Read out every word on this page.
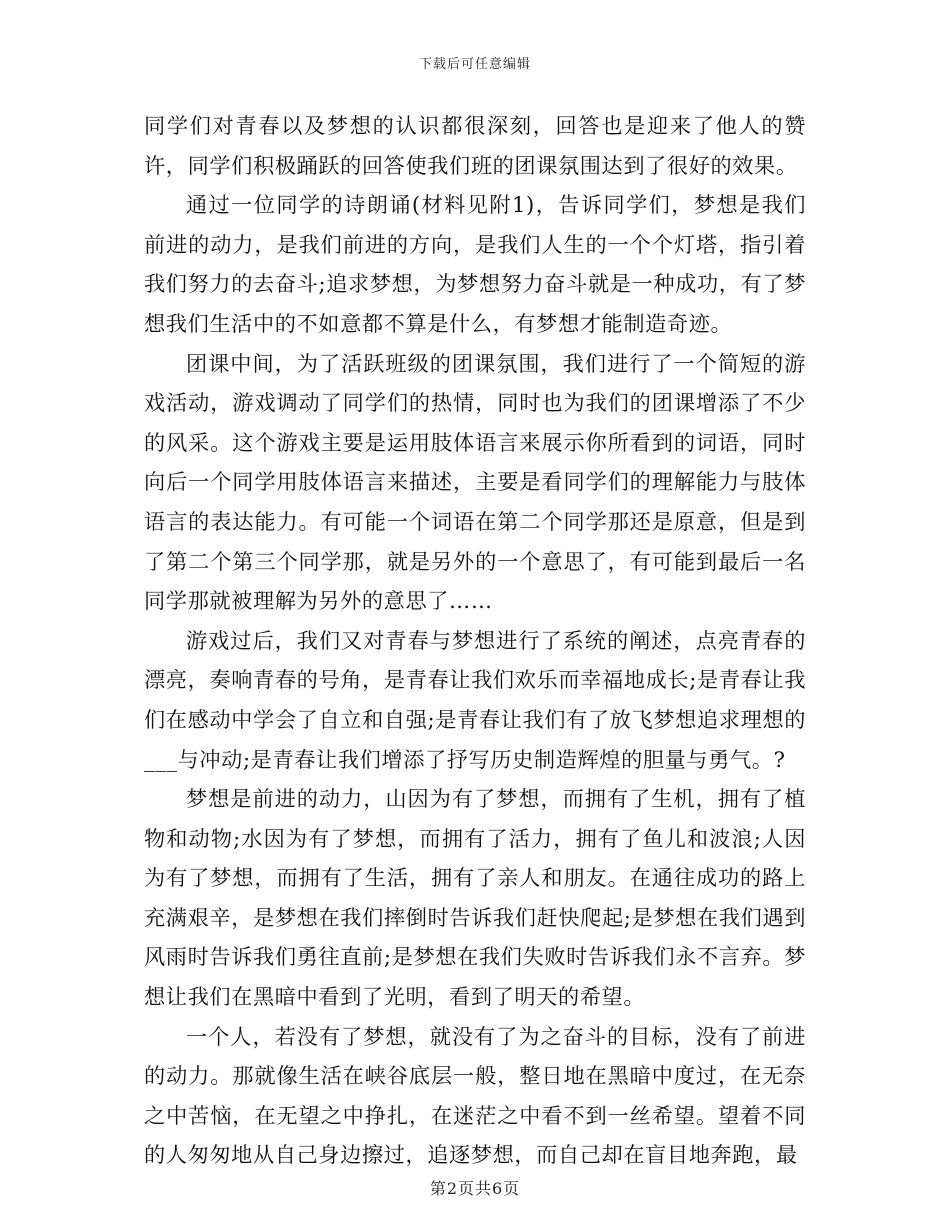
下载后可任意编辑

同学们对青春以及梦想的认识都很深刻，回答也是迎来了他人的赞许，同学们积极踊跃的回答使我们班的团课氛围达到了很好的效果。

通过一位同学的诗朗诵(材料见附1)，告诉同学们，梦想是我们前进的动力，是我们前进的方向，是我们人生的一个个灯塔，指引着我们努力的去奋斗;追求梦想，为梦想努力奋斗就是一种成功，有了梦想我们生活中的不如意都不算是什么，有梦想才能制造奇迹。

团课中间，为了活跃班级的团课氛围，我们进行了一个简短的游戏活动，游戏调动了同学们的热情，同时也为我们的团课增添了不少的风采。这个游戏主要是运用肢体语言来展示你所看到的词语，同时向后一个同学用肢体语言来描述，主要是看同学们的理解能力与肢体语言的表达能力。有可能一个词语在第二个同学那还是原意，但是到了第二个第三个同学那，就是另外的一个意思了，有可能到最后一名同学那就被理解为另外的意思了……

游戏过后，我们又对青春与梦想进行了系统的阐述，点亮青春的漂亮，奏响青春的号角，是青春让我们欢乐而幸福地成长;是青春让我们在感动中学会了自立和自强;是青春让我们有了放飞梦想追求理想的___与冲动;是青春让我们增添了抒写历史制造辉煌的胆量与勇气。?

梦想是前进的动力，山因为有了梦想，而拥有了生机，拥有了植物和动物;水因为有了梦想，而拥有了活力，拥有了鱼儿和波浪;人因为有了梦想，而拥有了生活，拥有了亲人和朋友。在通往成功的路上充满艰辛，是梦想在我们摔倒时告诉我们赶快爬起;是梦想在我们遇到风雨时告诉我们勇往直前;是梦想在我们失败时告诉我们永不言弃。梦想让我们在黑暗中看到了光明，看到了明天的希望。

一个人，若没有了梦想，就没有了为之奋斗的目标，没有了前进的动力。那就像生活在峡谷底层一般，整日地在黑暗中度过，在无奈之中苦恼，在无望之中挣扎，在迷茫之中看不到一丝希望。望着不同的人匆匆地从自己身边擦过，追逐梦想，而自己却在盲目地奔跑，最

第2页共6页
